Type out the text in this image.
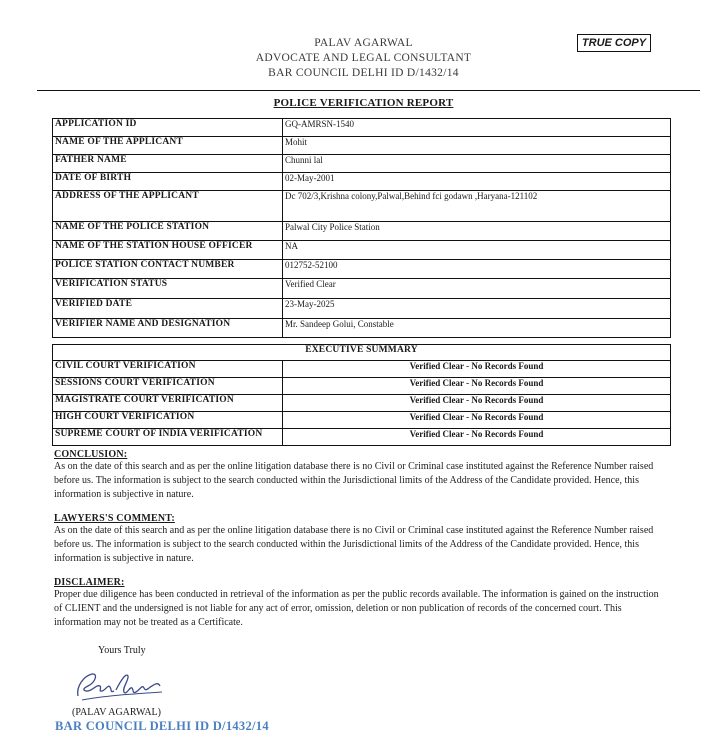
PALAV AGARWAL
ADVOCATE AND LEGAL CONSULTANT
BAR COUNCIL DELHI ID D/1432/14
TRUE COPY
POLICE VERIFICATION REPORT
APPLICATION ID	GQ-AMRSN-1540
NAME OF THE APPLICANT	Mohit
FATHER NAME	Chunni lal
DATE OF BIRTH	02-May-2001
ADDRESS OF THE APPLICANT	Dc 702/3,Krishna colony,Palwal,Behind fci godawn ,Haryana-121102
NAME OF THE POLICE STATION	Palwal City Police Station
NAME OF THE STATION HOUSE OFFICER	NA
POLICE STATION CONTACT NUMBER	012752-52100
VERIFICATION STATUS	Verified Clear
VERIFIED DATE	23-May-2025
VERIFIER NAME AND DESIGNATION	Mr. Sandeep Golui, Constable
EXECUTIVE SUMMARY	
CIVIL COURT VERIFICATION	Verified Clear - No Records Found
SESSIONS COURT VERIFICATION	Verified Clear - No Records Found
MAGISTRATE COURT VERIFICATION	Verified Clear - No Records Found
HIGH COURT VERIFICATION	Verified Clear - No Records Found
SUPREME COURT OF INDIA VERIFICATION	Verified Clear - No Records Found
CONCLUSION:
As on the date of this search and as per the online litigation database there is no Civil or Criminal case instituted against the Reference Number raised before us. The information is subject to the search conducted within the Jurisdictional limits of the Address of the Candidate provided. Hence, this information is subjective in nature.
LAWYERS'S COMMENT:
As on the date of this search and as per the online litigation database there is no Civil or Criminal case instituted against the Reference Number raised before us. The information is subject to the search conducted within the Jurisdictional limits of the Address of the Candidate provided. Hence, this information is subjective in nature.
DISCLAIMER:
Proper due diligence has been conducted in retrieval of the information as per the public records available. The information is gained on the instruction of CLIENT and the undersigned is not liable for any act of error, omission, deletion or non publication of records of the concerned court. This information may not be treated as a Certificate.
Yours Truly
(PALAV AGARWAL)
BAR COUNCIL DELHI ID D/1432/14
